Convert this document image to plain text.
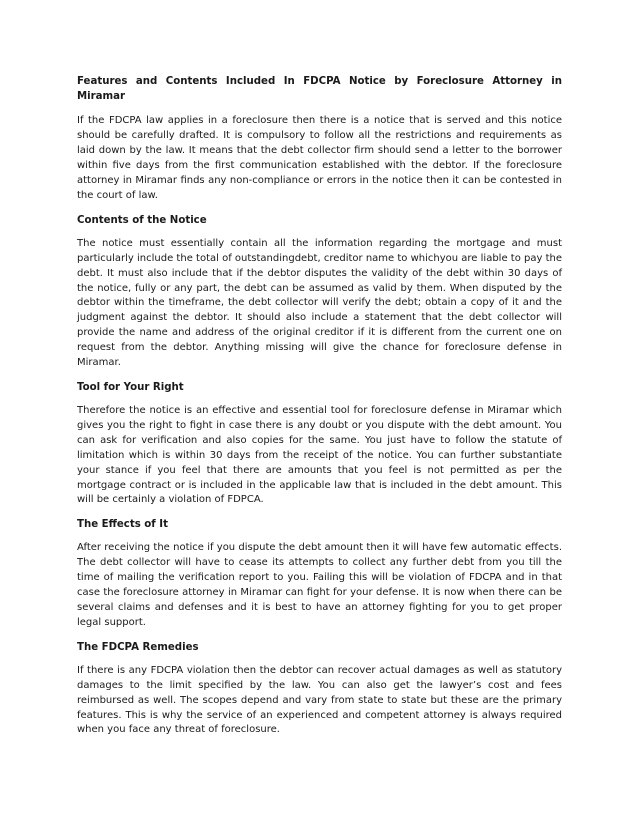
Features and Contents Included In FDCPA Notice by Foreclosure Attorney in Miramar
If the FDCPA law applies in a foreclosure then there is a notice that is served and this notice should be carefully drafted. It is compulsory to follow all the restrictions and requirements as laid down by the law. It means that the debt collector firm should send a letter to the borrower within five days from the first communication established with the debtor. If the foreclosure attorney in Miramar finds any non-compliance or errors in the notice then it can be contested in the court of law.
Contents of the Notice
The notice must essentially contain all the information regarding the mortgage and must particularly include the total of outstandingdebt, creditor name to whichyou are liable to pay the debt. It must also include that if the debtor disputes the validity of the debt within 30 days of the notice, fully or any part, the debt can be assumed as valid by them. When disputed by the debtor within the timeframe, the debt collector will verify the debt; obtain a copy of it and the judgment against the debtor. It should also include a statement that the debt collector will provide the name and address of the original creditor if it is different from the current one on request from the debtor. Anything missing will give the chance for foreclosure defense in Miramar.
Tool for Your Right
Therefore the notice is an effective and essential tool for foreclosure defense in Miramar which gives you the right to fight in case there is any doubt or you dispute with the debt amount. You can ask for verification and also copies for the same. You just have to follow the statute of limitation which is within 30 days from the receipt of the notice. You can further substantiate your stance if you feel that there are amounts that you feel is not permitted as per the mortgage contract or is included in the applicable law that is included in the debt amount. This will be certainly a violation of FDPCA.
The Effects of It
After receiving the notice if you dispute the debt amount then it will have few automatic effects. The debt collector will have to cease its attempts to collect any further debt from you till the time of mailing the verification report to you. Failing this will be violation of FDCPA and in that case the foreclosure attorney in Miramar can fight for your defense. It is now when there can be several claims and defenses and it is best to have an attorney fighting for you to get proper legal support.
The FDCPA Remedies
If there is any FDCPA violation then the debtor can recover actual damages as well as statutory damages to the limit specified by the law. You can also get the lawyer’s cost and fees reimbursed as well. The scopes depend and vary from state to state but these are the primary features. This is why the service of an experienced and competent attorney is always required when you face any threat of foreclosure.
